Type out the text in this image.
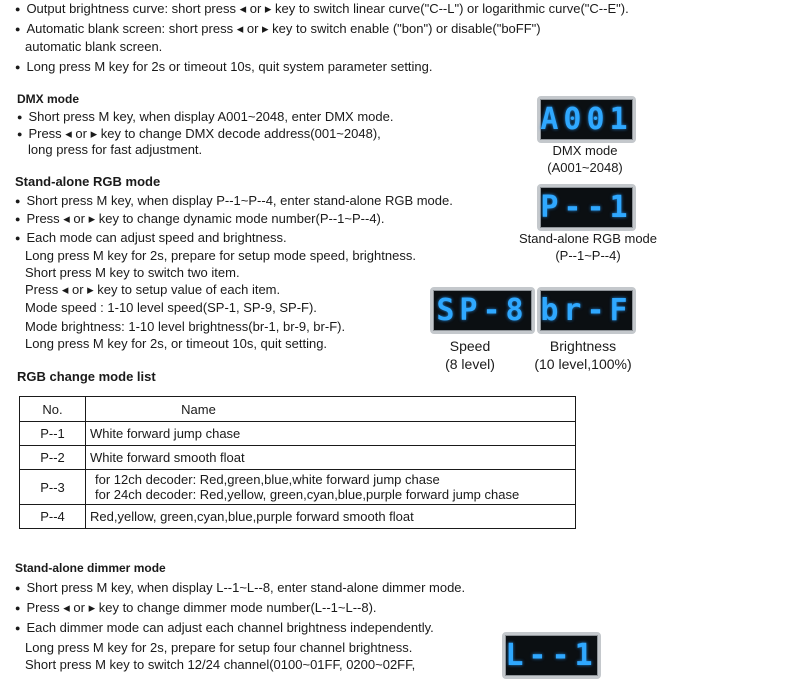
● Output brightness curve: short press ◂ or ▸ key to switch linear curve("C--L") or logarithmic curve("C--E").
● Automatic blank screen: short press ◂ or ▸ key to switch enable ("bon") or disable("boFF")
automatic blank screen.
● Long press M key for 2s or timeout 10s, quit system parameter setting.
DMX mode
● Short press M key, when display A001~2048, enter DMX mode.
● Press ◂ or ▸ key to change DMX decode address(001~2048),
long press for fast adjustment.
A001
DMX mode
(A001~2048)
Stand-alone RGB mode
● Short press M key, when display P--1~P--4, enter stand-alone RGB mode.
● Press ◂ or ▸ key to change dynamic mode number(P--1~P--4).
● Each mode can adjust speed and brightness.
Long press M key for 2s, prepare for setup mode speed, brightness.
Short press M key to switch two item.
Press ◂ or ▸ key to setup value of each item.
Mode speed : 1-10 level speed(SP-1, SP-9, SP-F).
Mode brightness: 1-10 level brightness(br-1, br-9, br-F).
Long press M key for 2s, or timeout 10s, quit setting.
P--1
Stand-alone RGB mode
(P--1~P--4)
SP-8 br-F
Speed
(8 level)
Brightness
(10 level,100%)
RGB change mode list
No.	Name
P--1	White forward jump chase
P--2	White forward smooth float
P--3	for 12ch decoder: Red,green,blue,white forward jump chase
for 24ch decoder: Red,yellow, green,cyan,blue,purple forward jump chase

P--4	Red,yellow, green,cyan,blue,purple forward smooth float
Stand-alone dimmer mode
● Short press M key, when display L--1~L--8, enter stand-alone dimmer mode.
● Press ◂ or ▸ key to change dimmer mode number(L--1~L--8).
● Each dimmer mode can adjust each channel brightness independently.
Long press M key for 2s, prepare for setup four channel brightness.
Short press M key to switch 12/24 channel(0100~01FF, 0200~02FF,	L--1
